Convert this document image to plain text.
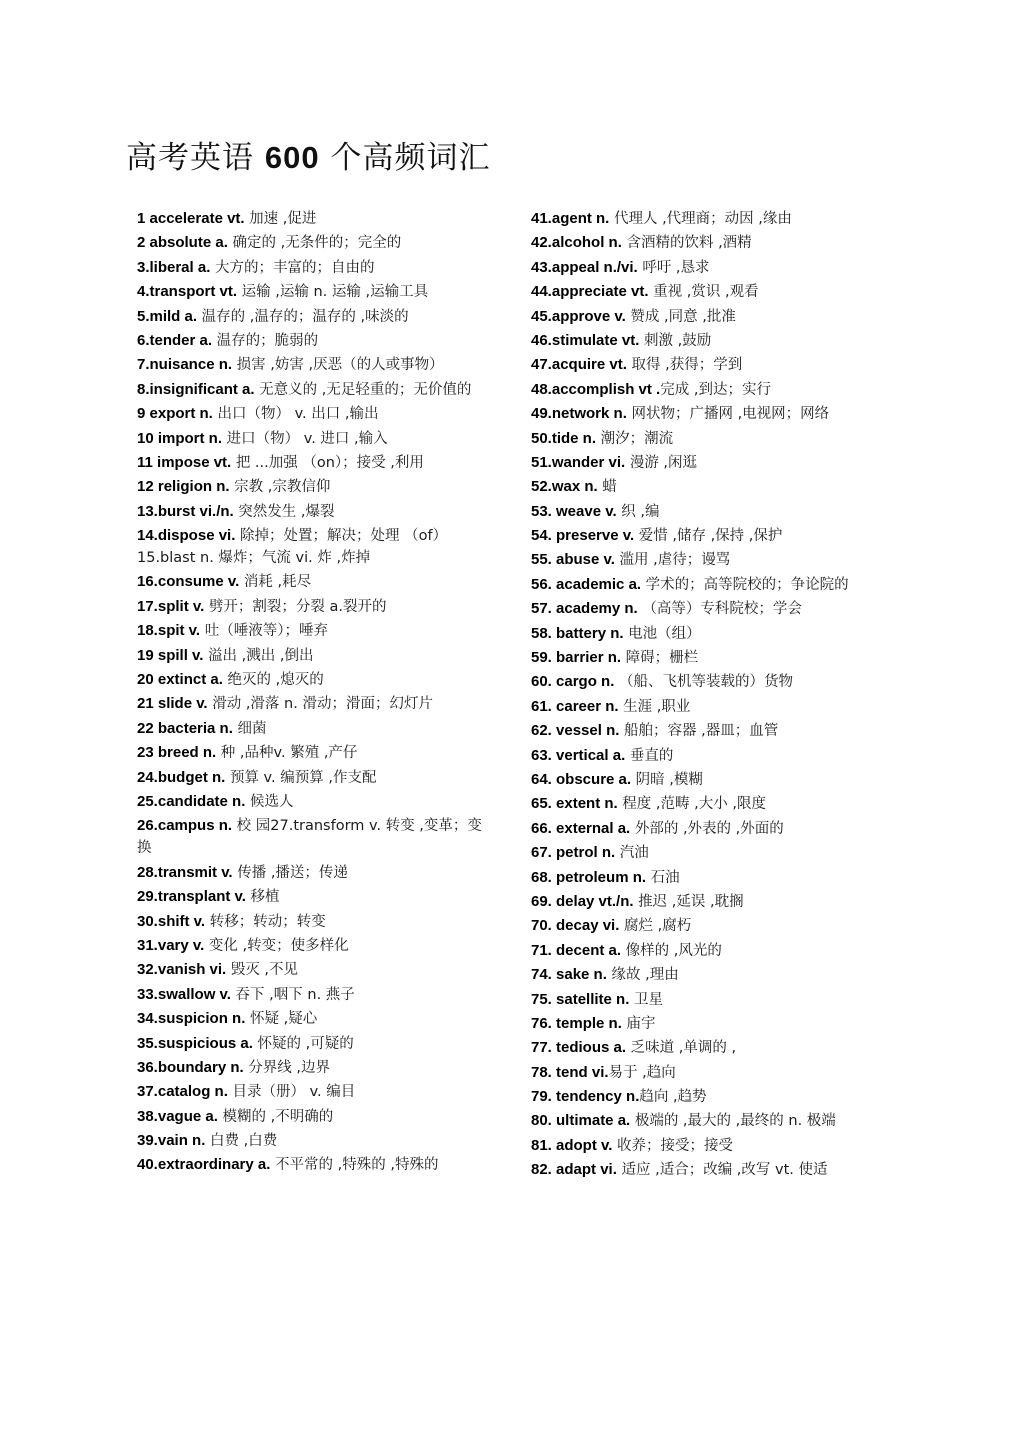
高考英语 600 个高频词汇

1 accelerate vt. 加速 ,促进

2 absolute a. 确定的 ,无条件的；完全的

3.liberal a. 大方的；丰富的；自由的

4.transport vt. 运输 ,运输 n. 运输 ,运输工具

5.mild a. 温存的 ,温存的；温存的 ,味淡的

6.tender a. 温存的；脆弱的

7.nuisance n. 损害 ,妨害 ,厌恶（的人或事物）

8.insignificant a. 无意义的 ,无足轻重的；无价值的

9 export n. 出口（物） v. 出口 ,输出

10 import n. 进口（物） v. 进口 ,输入

11 impose vt. 把 ...加强 （on）；接受 ,利用

12 religion n. 宗教 ,宗教信仰

13.burst vi./n. 突然发生 ,爆裂

14.dispose vi. 除掉；处置；解决；处理 （of） 15.blast n. 爆炸；气流 vi. 炸 ,炸掉

16.consume v. 消耗 ,耗尽

17.split v. 劈开；割裂；分裂 a.裂开的

18.spit v. 吐（唾液等）；唾弃

19 spill v. 溢出 ,溅出 ,倒出

20 extinct a. 绝灭的 ,熄灭的

21 slide v. 滑动 ,滑落 n. 滑动；滑面；幻灯片

22 bacteria n. 细菌

23 breed n. 种 ,品种v. 繁殖 ,产仔

24.budget n. 预算 v. 编预算 ,作支配

25.candidate n. 候选人

26.campus n. 校 园27.transform v. 转变 ,变革；变换

28.transmit v. 传播 ,播送；传递

29.transplant v. 移植

30.shift v. 转移；转动；转变

31.vary v. 变化 ,转变；使多样化

32.vanish vi. 毁灭 ,不见

33.swallow v. 吞下 ,咽下 n. 燕子

34.suspicion n. 怀疑 ,疑心

35.suspicious a. 怀疑的 ,可疑的

36.boundary n. 分界线 ,边界

37.catalog n. 目录（册） v. 编目

38.vague a. 模糊的 ,不明确的

39.vain n. 白费 ,白费

40.extraordinary a. 不平常的 ,特殊的 ,特殊的

41.agent n. 代理人 ,代理商；动因 ,缘由

42.alcohol n. 含酒精的饮料 ,酒精

43.appeal n./vi. 呼吁 ,恳求

44.appreciate vt. 重视 ,赏识 ,观看

45.approve v. 赞成 ,同意 ,批准

46.stimulate vt. 刺激 ,鼓励

47.acquire vt. 取得 ,获得；学到

48.accomplish vt .完成 ,到达；实行

49.network n. 网状物；广播网 ,电视网；网络

50.tide n. 潮汐；潮流

51.wander vi. 漫游 ,闲逛

52.wax n. 蜡

53. weave v. 织 ,编

54. preserve v. 爱惜 ,储存 ,保持 ,保护

55. abuse v. 滥用 ,虐待；谩骂

56. academic a. 学术的；高等院校的；争论院的

57. academy n. （高等）专科院校；学会

58. battery n. 电池（组）

59. barrier n. 障碍；栅栏

60. cargo n. （船、飞机等装载的）货物

61. career n. 生涯 ,职业

62. vessel n. 船舶；容器 ,器皿；血管

63. vertical a. 垂直的

64. obscure a. 阴暗 ,模糊

65. extent n. 程度 ,范畴 ,大小 ,限度

66. external a. 外部的 ,外表的 ,外面的

67. petrol n. 汽油

68. petroleum n. 石油

69. delay vt./n. 推迟 ,延误 ,耽搁

70. decay vi. 腐烂 ,腐朽

71. decent a. 像样的 ,风光的

74. sake n. 缘故 ,理由

75. satellite n. 卫星

76. temple n. 庙宇

77. tedious a. 乏味道 ,单调的 ,

78. tend vi.易于 ,趋向

79. tendency n.趋向 ,趋势

80. ultimate a. 极端的 ,最大的 ,最终的 n. 极端

81. adopt v. 收养；接受；接受

82. adapt vi. 适应 ,适合；改编 ,改写 vt. 使适
